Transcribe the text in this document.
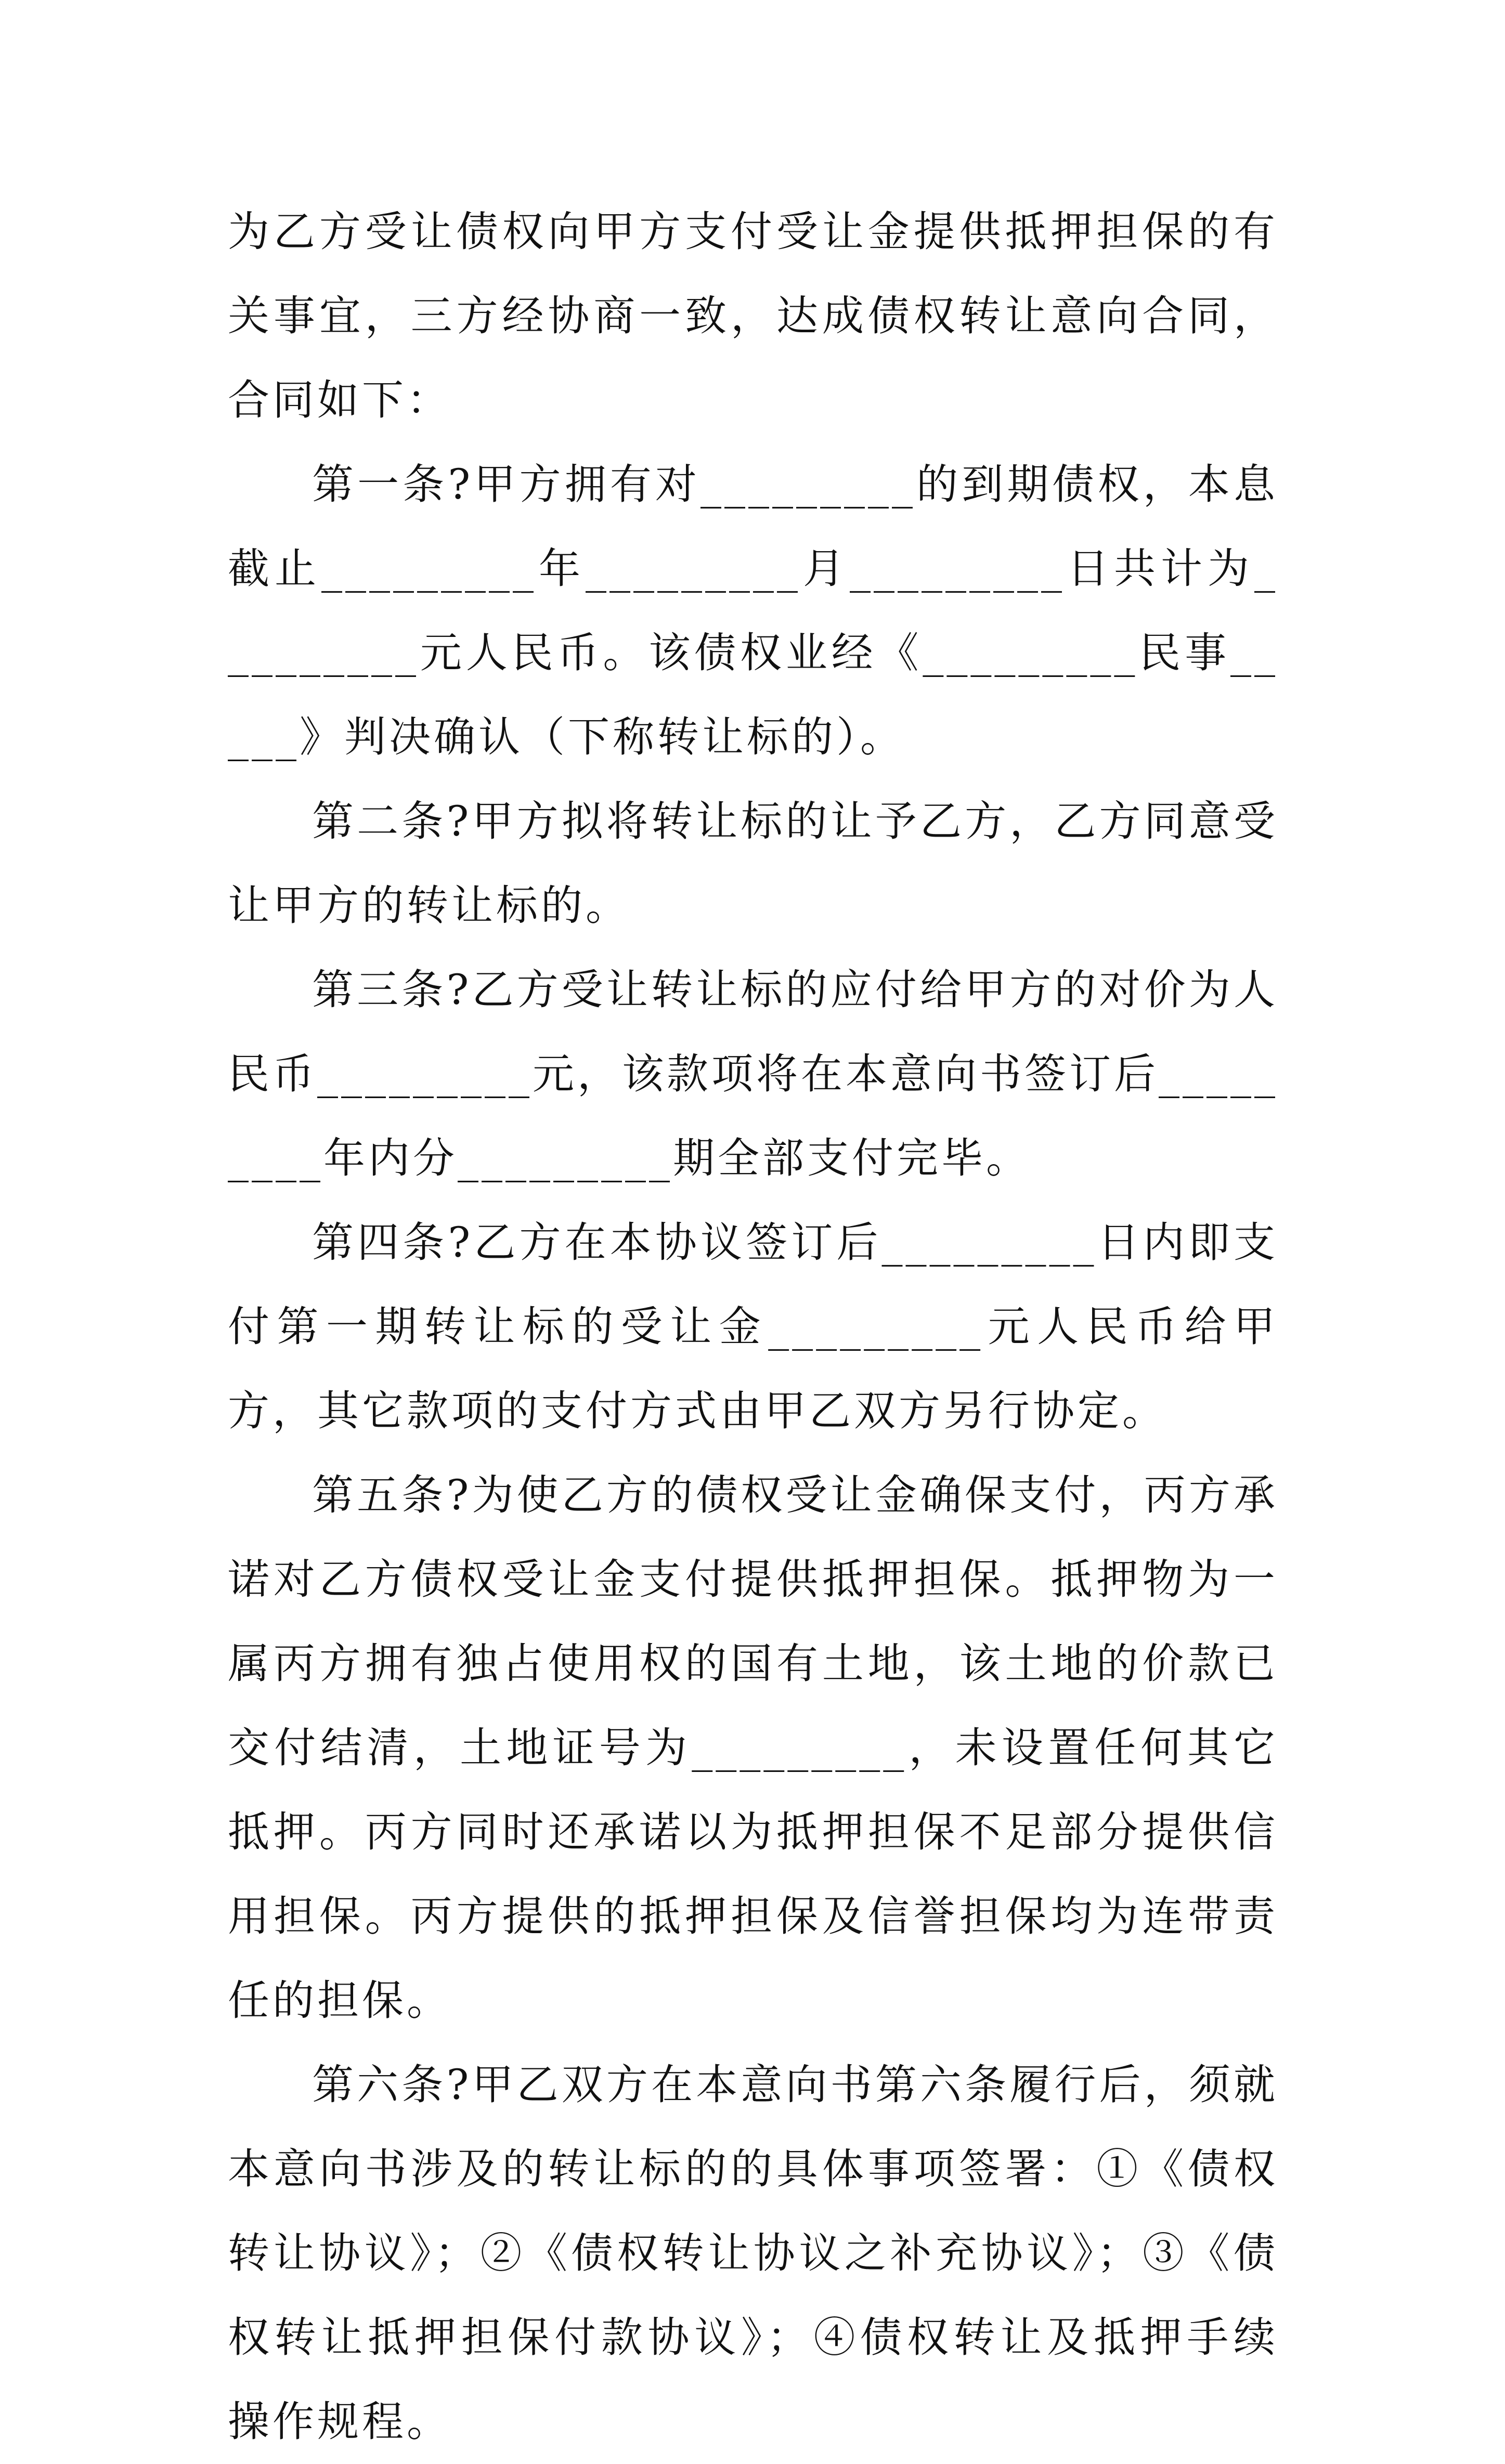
为乙方受让债权向甲方支付受让金提供抵押担保的有关事宜，三方经协商一致，达成债权转让意向合同，合同如下：

第一条?甲方拥有对_________的到期债权，本息截止_________年_________月_________日共计为_________元人民币。该债权业经《_________民事_____》判决确认（下称转让标的）。

第二条?甲方拟将转让标的让予乙方，乙方同意受让甲方的转让标的。

第三条?乙方受让转让标的应付给甲方的对价为人民币_________元，该款项将在本意向书签订后_________年内分_________期全部支付完毕。

第四条?乙方在本协议签订后_________日内即支付第一期转让标的受让金_________元人民币给甲方，其它款项的支付方式由甲乙双方另行协定。

第五条?为使乙方的债权受让金确保支付，丙方承诺对乙方债权受让金支付提供抵押担保。抵押物为一属丙方拥有独占使用权的国有土地，该土地的价款已交付结清，土地证号为_________，未设置任何其它抵押。丙方同时还承诺以为抵押担保不足部分提供信用担保。丙方提供的抵押担保及信誉担保均为连带责任的担保。

第六条?甲乙双方在本意向书第六条履行后，须就本意向书涉及的转让标的的具体事项签署：①《债权转让协议》；②《债权转让协议之补充协议》；③《债权转让抵押担保付款协议》；④债权转让及抵押手续操作规程。
